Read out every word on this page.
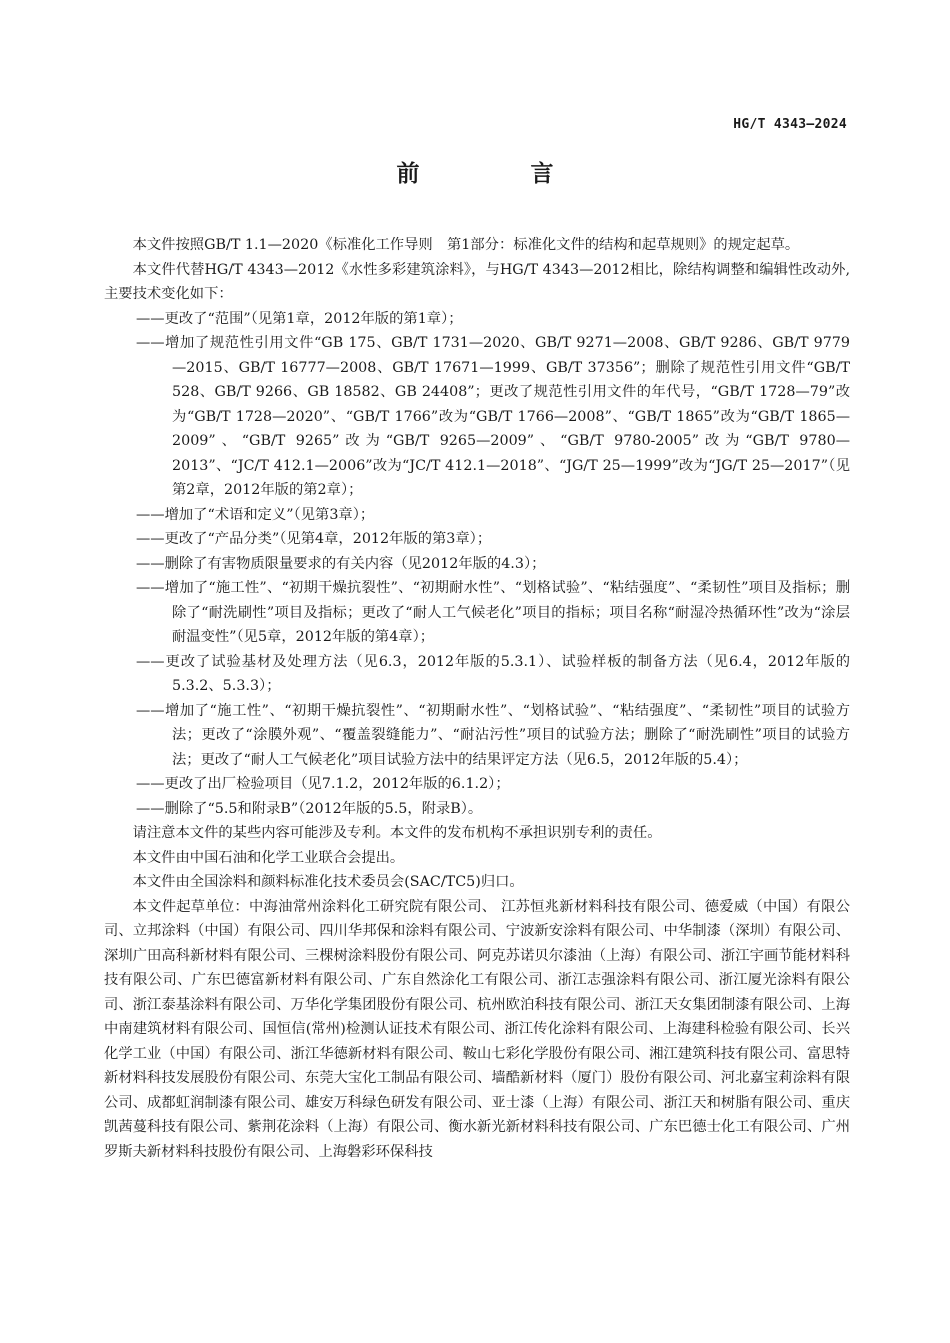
HG/T 4343—2024
前　言

本文件按照GB/T 1.1—2020《标准化工作导则　第1部分：标准化文件的结构和起草规则》的规定起草。

本文件代替HG/T 4343—2012《水性多彩建筑涂料》，与HG/T 4343—2012相比，除结构调整和编辑性改动外,主要技术变化如下：

——更改了“范围”（见第1章，2012年版的第1章）；

——增加了规范性引用文件“GB 175、GB/T 1731—2020、GB/T 9271—2008、GB/T 9286、GB/T 9779—2015、GB/T 16777—2008、GB/T 17671—1999、GB/T 37356”；删除了规范性引用文件“GB/T 528、GB/T 9266、GB 18582、GB 24408”；更改了规范性引用文件的年代号，“GB/T 1728—79”改为“GB/T 1728—2020”、“GB/T 1766”改为“GB/T 1766—2008”、“GB/T 1865”改为“GB/T 1865—2009”、“GB/T 9265”改为“GB/T 9265—2009”、“GB/T 9780-2005”改为“GB/T 9780—2013”、“JC/T 412.1—2006”改为“JC/T 412.1—2018”、“JG/T 25—1999”改为“JG/T 25—2017”（见第2章，2012年版的第2章）；

——增加了“术语和定义”（见第3章）；

——更改了“产品分类”（见第4章，2012年版的第3章）；

——删除了有害物质限量要求的有关内容（见2012年版的4.3）；

——增加了“施工性”、“初期干燥抗裂性”、“初期耐水性”、“划格试验”、“粘结强度”、“柔韧性”项目及指标；删除了“耐洗刷性”项目及指标；更改了“耐人工气候老化”项目的指标；项目名称“耐湿冷热循环性”改为“涂层耐温变性”（见5章，2012年版的第4章）；

——更改了试验基材及处理方法（见6.3，2012年版的5.3.1）、试验样板的制备方法（见6.4，2012年版的5.3.2、5.3.3）；

——增加了“施工性”、“初期干燥抗裂性”、“初期耐水性”、“划格试验”、“粘结强度”、“柔韧性”项目的试验方法；更改了“涂膜外观”、“覆盖裂缝能力”、“耐沾污性”项目的试验方法；删除了“耐洗刷性”项目的试验方法；更改了“耐人工气候老化”项目试验方法中的结果评定方法（见6.5，2012年版的5.4）；

——更改了出厂检验项目（见7.1.2，2012年版的6.1.2）；

——删除了“5.5和附录B”（2012年版的5.5，附录B）。

请注意本文件的某些内容可能涉及专利。本文件的发布机构不承担识别专利的责任。

本文件由中国石油和化学工业联合会提出。

本文件由全国涂料和颜料标准化技术委员会(SAC/TC5)归口。

本文件起草单位：中海油常州涂料化工研究院有限公司、 江苏恒兆新材料科技有限公司、德爱威（中国）有限公司、立邦涂料（中国）有限公司、四川华邦保和涂料有限公司、宁波新安涂料有限公司、中华制漆（深圳）有限公司、深圳广田高科新材料有限公司、三棵树涂料股份有限公司、阿克苏诺贝尔漆油（上海）有限公司、浙江宇画节能材料科技有限公司、广东巴德富新材料有限公司、广东自然涂化工有限公司、浙江志强涂料有限公司、浙江厦光涂料有限公司、浙江泰基涂料有限公司、万华化学集团股份有限公司、杭州欧泊科技有限公司、浙江天女集团制漆有限公司、上海中南建筑材料有限公司、国恒信(常州)检测认证技术有限公司、浙江传化涂料有限公司、上海建科检验有限公司、长兴化学工业（中国）有限公司、浙江华德新材料有限公司、鞍山七彩化学股份有限公司、湘江建筑科技有限公司、富思特新材料科技发展股份有限公司、东莞大宝化工制品有限公司、墙酷新材料（厦门）股份有限公司、河北嘉宝莉涂料有限公司、成都虹润制漆有限公司、雄安万科绿色研发有限公司、亚士漆（上海）有限公司、浙江天和树脂有限公司、重庆凯茜蔓科技有限公司、紫荆花涂料（上海）有限公司、衡水新光新材料科技有限公司、广东巴德士化工有限公司、广州罗斯夫新材料科技股份有限公司、上海磐彩环保科技
